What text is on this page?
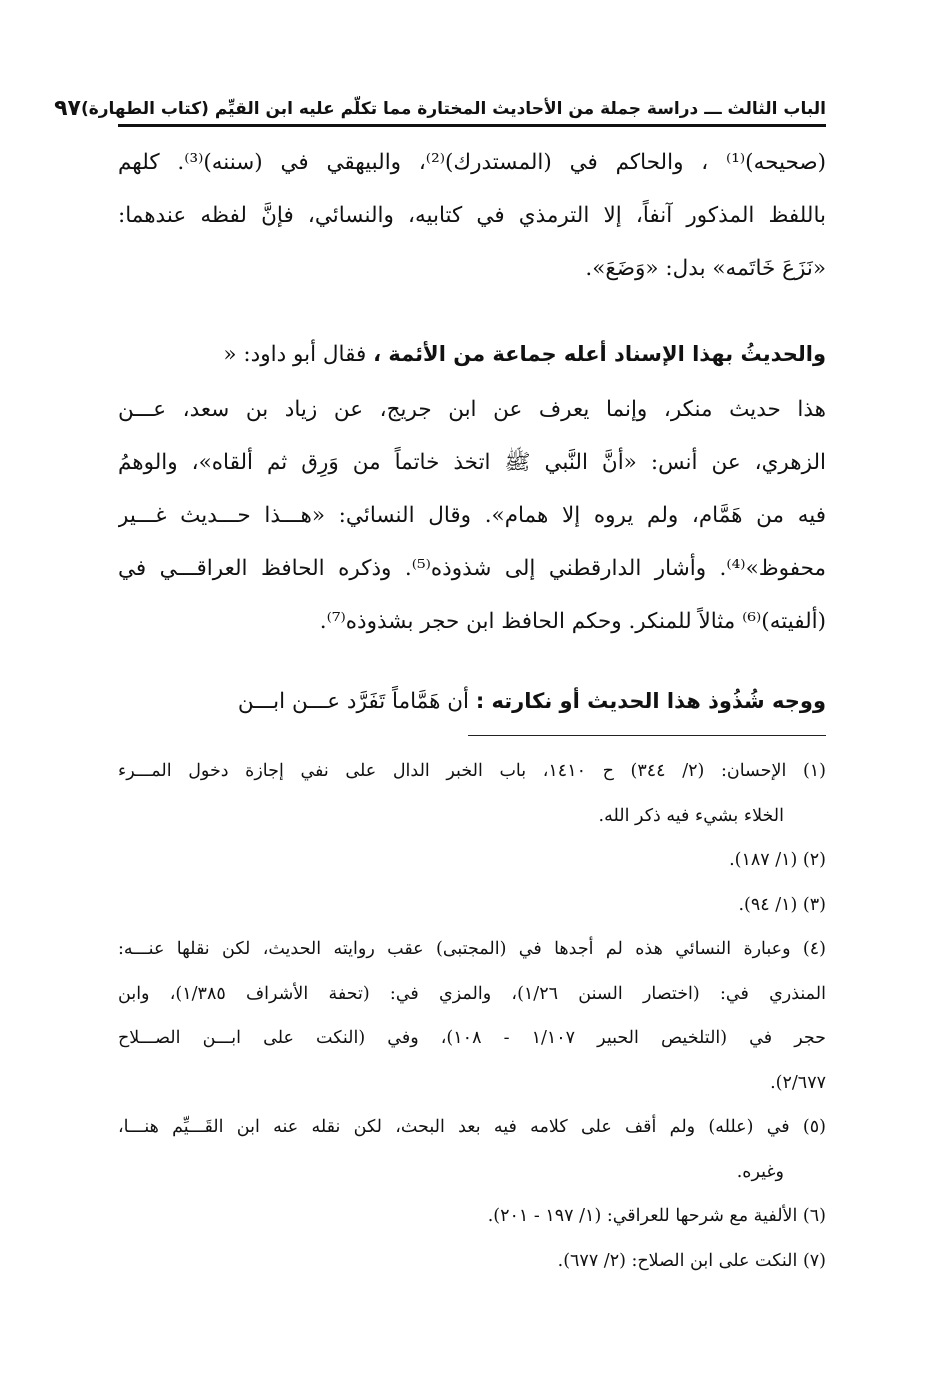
الباب الثالث ـــ دراسة جملة من الأحاديث المختارة مما تكلّم عليه ابن القيِّم (كتاب الطهارة)
٩٧
(صحيحه)⁽¹⁾ ، والحاكم في (المستدرك)⁽²⁾، والبيهقي في (سننه)⁽³⁾. كلهم
باللفظ المذكور آنفاً، إلا الترمذي في كتابيه، والنسائي، فإنَّ لفظه عندهما:
«نَزَعَ خَاتَمه» بدل: «وَضَعَ».
والحديثُ بهذا الإسناد أعله جماعة من الأئمة ، فقال أبو داود: «
هذا حديث منكر، وإنما يعرف عن ابن جريج، عن زياد بن سعد، عـــن
الزهري، عن أنس: «أنَّ النَّبي ﷺ اتخذ خاتماً من وَرِق ثم ألقاه»، والوهمُ
فيه من هَمَّام، ولم يروه إلا همام». وقال النسائي: «هـــذا حـــديث غـــير
محفوظ»⁽⁴⁾. وأشار الدارقطني إلى شذوذه⁽⁵⁾. وذكره الحافظ العراقـــي في
(ألفيته)⁽⁶⁾ مثالاً للمنكر. وحكم الحافظ ابن حجر بشذوذه⁽⁷⁾.
ووجه شُذُوذ هذا الحديث أو نكارته : أن هَمَّاماً تَفَرَّد عـــن ابـــن
(١) الإحسان: (٢/ ٣٤٤) ح ١٤١٠، باب الخبر الدال على نفي إجازة دخول المـــرء
الخلاء بشيء فيه ذكر الله.
(٢) (١/ ١٨٧).
(٣) (١/ ٩٤).
(٤) وعبارة النسائي هذه لم أجدها في (المجتبى) عقب روايته الحديث، لكن نقلها عنـــه:
المنذري في: (اختصار السنن ١/٢٦)، والمزي في: (تحفة الأشراف ١/٣٨٥)، وابن
حجر في (التلخيص الحبير ١/١٠٧ - ١٠٨)، وفي (النكت على ابـــن الصـــلاح
٢/٦٧٧).
(٥) في (علله) ولم أقف على كلامه فيه بعد البحث، لكن نقله عنه ابن القَـــيِّم هنـــا،
وغيره.
(٦) الألفية مع شرحها للعراقي: (١/ ١٩٧ - ٢٠١).
(٧) النكت على ابن الصلاح: (٢/ ٦٧٧).
